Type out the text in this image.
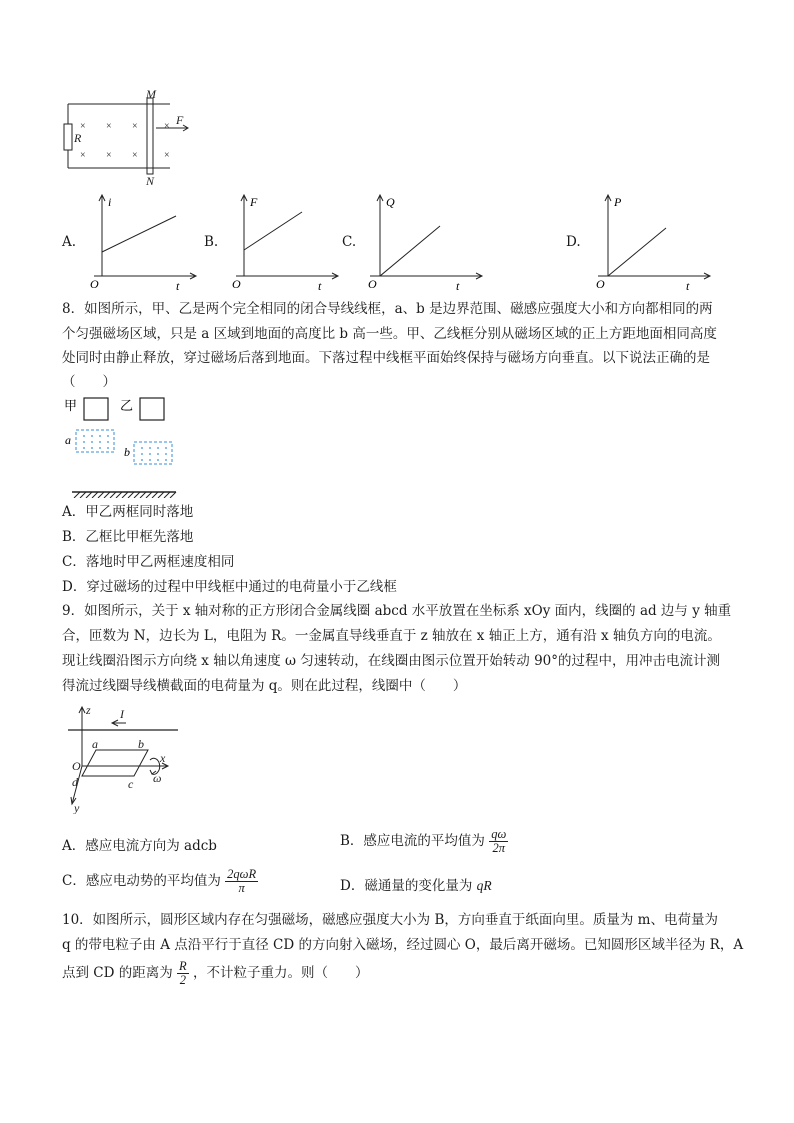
× × ×
× × ×
×
×
R
M
N
F
A.
i
O	t
B.
F
O	t
C.
Q
O	t
D.
P
O	t
8．如图所示，甲、乙是两个完全相同的闭合导线线框，a、b 是边界范围、磁感应强度大小和方向都相同的两
个匀强磁场区域，只是 a 区域到地面的高度比 b 高一些。甲、乙线框分别从磁场区域的正上方距地面相同高度
处同时由静止释放，穿过磁场后落到地面。下落过程中线框平面始终保持与磁场方向垂直。以下说法正确的是
（　　）
甲	乙
a
b
A．甲乙两框同时落地
B．乙框比甲框先落地
C．落地时甲乙两框速度相同
D．穿过磁场的过程中甲线框中通过的电荷量小于乙线框
9．如图所示，关于 x 轴对称的正方形闭合金属线圈 abcd 水平放置在坐标系 xOy 面内，线圈的 ad 边与 y 轴重
合，匝数为 N，边长为 L，电阻为 R。一金属直导线垂直于 z 轴放在 x 轴正上方，通有沿 x 轴负方向的电流。
现让线圈沿图示方向绕 x 轴以角速度 ω 匀速转动，在线圈由图示位置开始转动 90°的过程中，用冲击电流计测
得流过线圈导线横截面的电荷量为 q。则在此过程，线圈中（　　）
z I
a	b
x
O
ω
d	c
y
A．感应电流方向为 adcb	B．感应电流的平均值为 $\frac{q\omega}{2\pi}$
C．感应电动势的平均值为 $\frac{\text{2qωR}}{\pi}$	D．磁通量的变化量为 qR
10．如图所示，圆形区域内存在匀强磁场，磁感应强度大小为 B，方向垂直于纸面向里。质量为 m、电荷量为
q 的带电粒子由 A 点沿平行于直径 CD 的方向射入磁场，经过圆心 O，最后离开磁场。已知圆形区域半径为 R，A
点到 CD 的距离为 $\frac{R}{2}$ ，不计粒子重力。则（　　）
